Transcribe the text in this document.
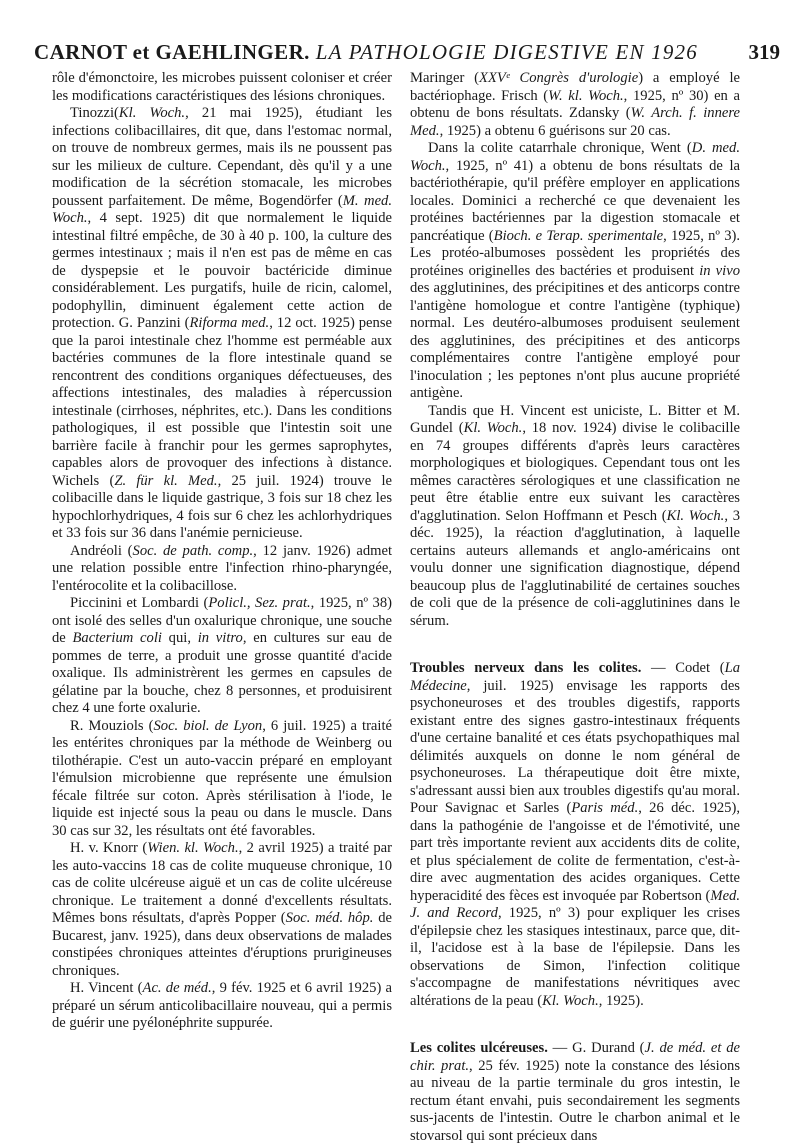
CARNOT et GAEHLINGER. LA PATHOLOGIE DIGESTIVE EN 1926 319

rôle d'émonctoire, les microbes puissent coloniser et créer les modifications caractéristiques des lésions chroniques.

Tinozzi(Kl. Woch., 21 mai 1925), étudiant les infections colibacillaires, dit que, dans l'estomac normal, on trouve de nombreux germes, mais ils ne poussent pas sur les milieux de culture. Cependant, dès qu'il y a une modification de la sécrétion stomacale, les microbes poussent parfaitement. De même, Bogendörfer (M. med. Woch., 4 sept. 1925) dit que normalement le liquide intestinal filtré empêche, de 30 à 40 p. 100, la culture des germes intestinaux ; mais il n'en est pas de même en cas de dyspepsie et le pouvoir bactéricide diminue considérablement. Les purgatifs, huile de ricin, calomel, podophyllin, diminuent également cette action de protection. G. Panzini (Riforma med., 12 oct. 1925) pense que la paroi intestinale chez l'homme est perméable aux bactéries communes de la flore intestinale quand se rencontrent des conditions organiques défectueuses, des affections intestinales, des maladies à répercussion intestinale (cirrhoses, néphrites, etc.). Dans les conditions pathologiques, il est possible que l'intestin soit une barrière facile à franchir pour les germes saprophytes, capables alors de provoquer des infections à distance. Wichels (Z. für kl. Med., 25 juil. 1924) trouve le colibacille dans le liquide gastrique, 3 fois sur 18 chez les hypochlorhydriques, 4 fois sur 6 chez les achlorhydriques et 33 fois sur 36 dans l'anémie pernicieuse.

Andréoli (Soc. de path. comp., 12 janv. 1926) admet une relation possible entre l'infection rhino-pharyngée, l'entérocolite et la colibacillose.

Piccinini et Lombardi (Policl., Sez. prat., 1925, nº 38) ont isolé des selles d'un oxalurique chronique, une souche de Bacterium coli qui, in vitro, en cultures sur eau de pommes de terre, a produit une grosse quantité d'acide oxalique. Ils administrèrent les germes en capsules de gélatine par la bouche, chez 8 personnes, et produisirent chez 4 une forte oxalurie.

R. Mouziols (Soc. biol. de Lyon, 6 juil. 1925) a traité les entérites chroniques par la méthode de Weinberg ou tilothérapie. C'est un auto-vaccin préparé en employant l'émulsion microbienne que représente une émulsion fécale filtrée sur coton. Après stérilisation à l'iode, le liquide est injecté sous la peau ou dans le muscle. Dans 30 cas sur 32, les résultats ont été favorables.

H. v. Knorr (Wien. kl. Woch., 2 avril 1925) a traité par les auto-vaccins 18 cas de colite muqueuse chronique, 10 cas de colite ulcéreuse aiguë et un cas de colite ulcéreuse chronique. Le traitement a donné d'excellents résultats. Mêmes bons résultats, d'après Popper (Soc. méd. hôp. de Bucarest, janv. 1925), dans deux observations de malades constipées chroniques atteintes d'éruptions prurigineuses chroniques.

H. Vincent (Ac. de méd., 9 fév. 1925 et 6 avril 1925) a préparé un sérum anticolibacillaire nouveau, qui a permis de guérir une pyélonéphrite suppurée.

Maringer (XXVᵉ Congrès d'urologie) a employé le bactériophage. Frisch (W. kl. Woch., 1925, nº 30) en a obtenu de bons résultats. Zdansky (W. Arch. f. innere Med., 1925) a obtenu 6 guérisons sur 20 cas.

Dans la colite catarrhale chronique, Went (D. med. Woch., 1925, nº 41) a obtenu de bons résultats de la bactériothérapie, qu'il préfère employer en applications locales. Dominici a recherché ce que devenaient les protéines bactériennes par la digestion stomacale et pancréatique (Bioch. e Terap. sperimentale, 1925, nº 3). Les protéo-albumoses possèdent les propriétés des protéines originelles des bactéries et produisent in vivo des agglutinines, des précipitines et des anticorps contre l'antigène homologue et contre l'antigène (typhique) normal. Les deutéro-albumoses produisent seulement des agglutinines, des précipitines et des anticorps complémentaires contre l'antigène employé pour l'inoculation ; les peptones n'ont plus aucune propriété antigène.

Tandis que H. Vincent est uniciste, L. Bitter et M. Gundel (Kl. Woch., 18 nov. 1924) divise le colibacille en 74 groupes différents d'après leurs caractères morphologiques et biologiques. Cependant tous ont les mêmes caractères sérologiques et une classification ne peut être établie entre eux suivant les caractères d'agglutination. Selon Hoffmann et Pesch (Kl. Woch., 3 déc. 1925), la réaction d'agglutination, à laquelle certains auteurs allemands et anglo-américains ont voulu donner une signification diagnostique, dépend beaucoup plus de l'agglutinabilité de certaines souches de coli que de la présence de coli-agglutinines dans le sérum.

Troubles nerveux dans les colites. — Codet (La Médecine, juil. 1925) envisage les rapports des psychoneuroses et des troubles digestifs, rapports existant entre des signes gastro-intestinaux fréquents d'une certaine banalité et ces états psychopathiques mal délimités auxquels on donne le nom général de psychoneuroses. La thérapeutique doit être mixte, s'adressant aussi bien aux troubles digestifs qu'au moral. Pour Savignac et Sarles (Paris méd., 26 déc. 1925), dans la pathogénie de l'angoisse et de l'émotivité, une part très importante revient aux accidents dits de colite, et plus spécialement de colite de fermentation, c'est-à-dire avec augmentation des acides organiques. Cette hyperacidité des fèces est invoquée par Robertson (Med. J. and Record, 1925, nº 3) pour expliquer les crises d'épilepsie chez les stasiques intestinaux, parce que, dit-il, l'acidose est à la base de l'épilepsie. Dans les observations de Simon, l'infection colitique s'accompagne de manifestations névritiques avec altérations de la peau (Kl. Woch., 1925).

Les colites ulcéreuses. — G. Durand (J. de méd. et de chir. prat., 25 fév. 1925) note la constance des lésions au niveau de la partie terminale du gros intestin, le rectum étant envahi, puis secondairement les segments sus-jacents de l'intestin. Outre le charbon animal et le stovarsol qui sont précieux dans
